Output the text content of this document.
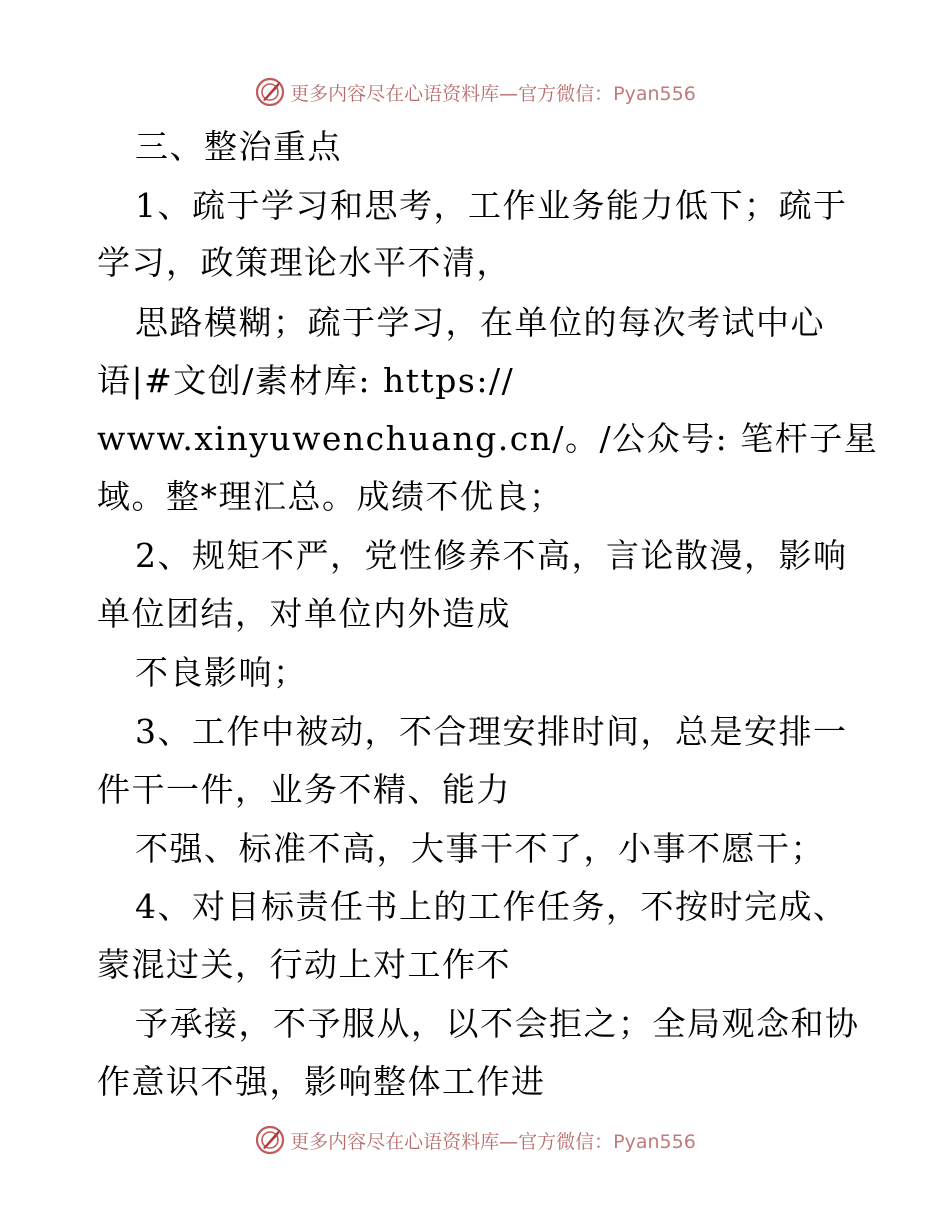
更多内容尽在心语资料库—官方微信：Pyan556
三、整治重点
1、疏于学习和思考，工作业务能力低下；疏于
学习，政策理论水平不清，
思路模糊；疏于学习，在单位的每次考试中心
语|#文创/素材库: https://
www.xinyuwenchuang.cn/。/公众号: 笔杆子星
域。整*理汇总。成绩不优良；
2、规矩不严，党性修养不高，言论散漫，影响
单位团结，对单位内外造成
不良影响；
3、工作中被动，不合理安排时间，总是安排一
件干一件，业务不精、能力
不强、标准不高，大事干不了，小事不愿干；
4、对目标责任书上的工作任务，不按时完成、
蒙混过关，行动上对工作不
予承接，不予服从，以不会拒之；全局观念和协
作意识不强，影响整体工作进
更多内容尽在心语资料库—官方微信：Pyan556
